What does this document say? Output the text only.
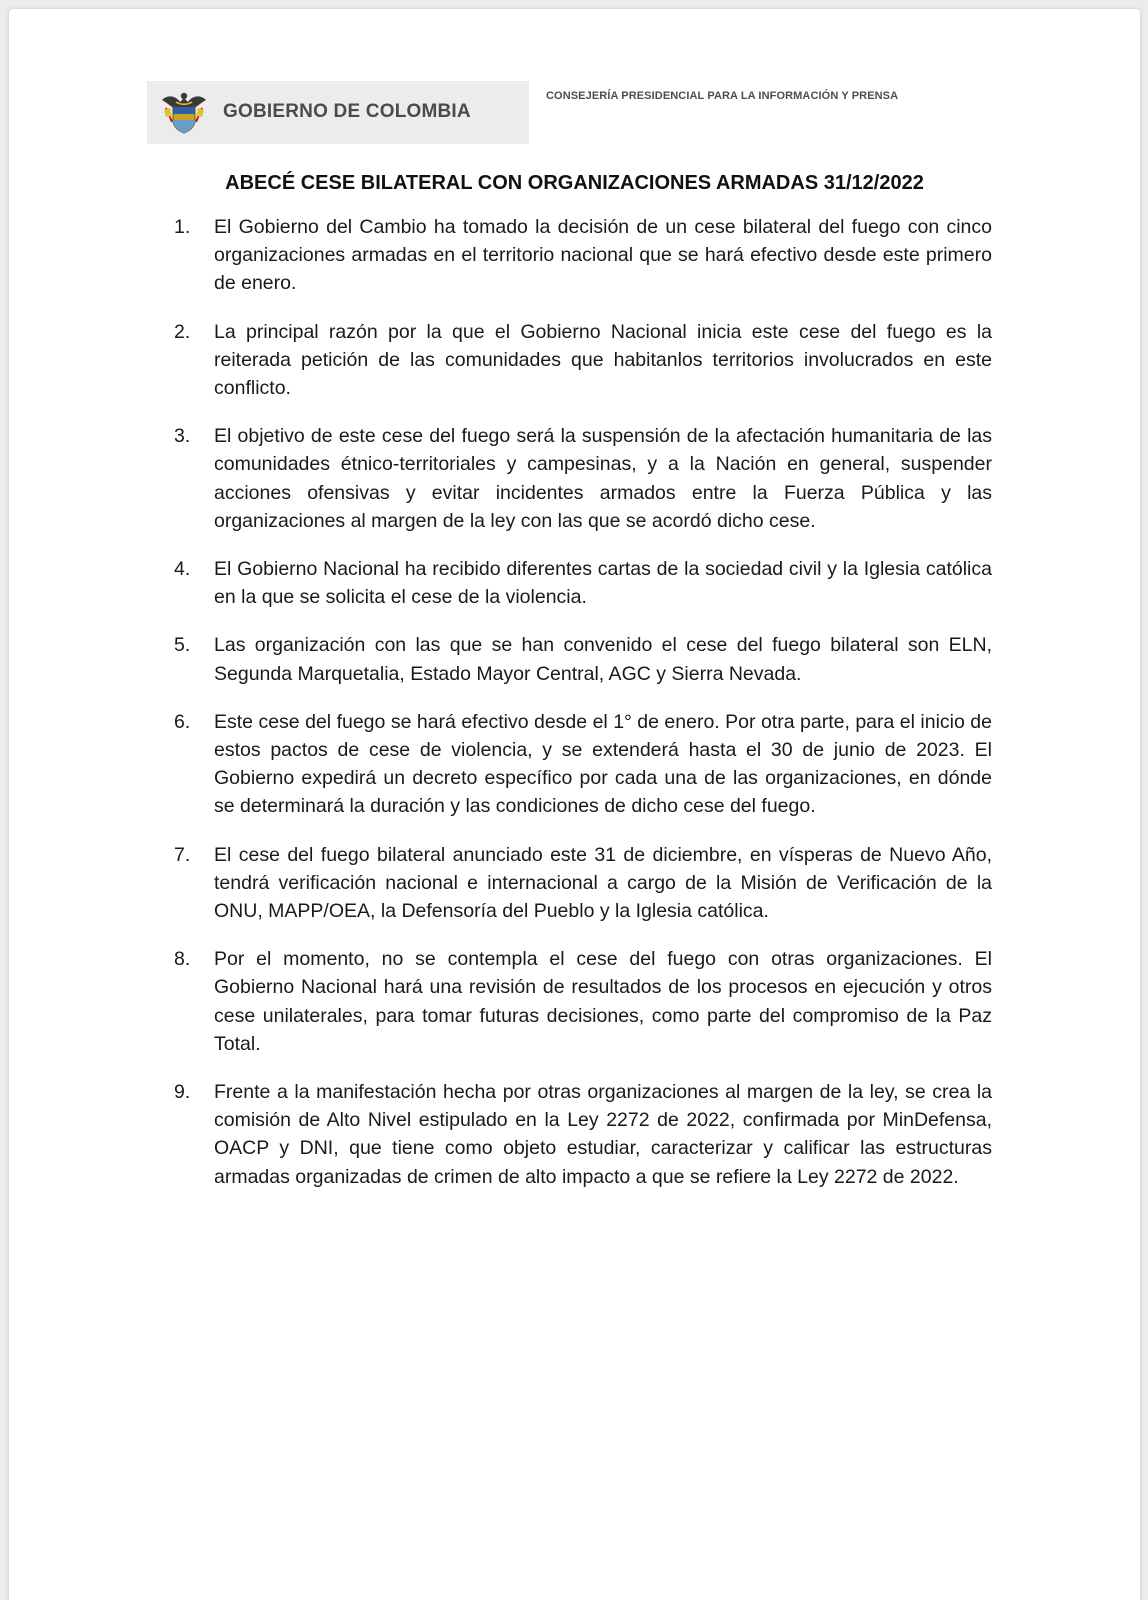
GOBIERNO DE COLOMBIA
CONSEJERÍA PRESIDENCIAL PARA LA INFORMACIÓN Y PRENSA
ABECÉ CESE BILATERAL CON ORGANIZACIONES ARMADAS 31/12/2022
1. El Gobierno del Cambio ha tomado la decisión de un cese bilateral del fuego con cinco organizaciones armadas en el territorio nacional que se hará efectivo desde este primero de enero.
2. La principal razón por la que el Gobierno Nacional inicia este cese del fuego es la reiterada petición de las comunidades que habitanlos territorios involucrados en este conflicto.
3. El objetivo de este cese del fuego será la suspensión de la afectación humanitaria de las comunidades étnico-territoriales y campesinas, y a la Nación en general, suspender acciones ofensivas y evitar incidentes armados entre la Fuerza Pública y las organizaciones al margen de la ley con las que se acordó dicho cese.
4. El Gobierno Nacional ha recibido diferentes cartas de la sociedad civil y la Iglesia católica en la que se solicita el cese de la violencia.
5. Las organización con las que se han convenido el cese del fuego bilateral son ELN, Segunda Marquetalia, Estado Mayor Central, AGC y Sierra Nevada.
6. Este cese del fuego se hará efectivo desde el 1° de enero. Por otra parte, para el inicio de estos pactos de cese de violencia, y se extenderá hasta el 30 de junio de 2023. El Gobierno expedirá un decreto específico por cada una de las organizaciones, en dónde se determinará la duración y las condiciones de dicho cese del fuego.
7. El cese del fuego bilateral anunciado este 31 de diciembre, en vísperas de Nuevo Año, tendrá verificación nacional e internacional a cargo de la Misión de Verificación de la ONU, MAPP/OEA, la Defensoría del Pueblo y la Iglesia católica.
8. Por el momento, no se contempla el cese del fuego con otras organizaciones. El Gobierno Nacional hará una revisión de resultados de los procesos en ejecución y otros cese unilaterales, para tomar futuras decisiones, como parte del compromiso de la Paz Total.
9. Frente a la manifestación hecha por otras organizaciones al margen de la ley, se crea la comisión de Alto Nivel estipulado en la Ley 2272 de 2022, confirmada por MinDefensa, OACP y DNI, que tiene como objeto estudiar, caracterizar y calificar las estructuras armadas organizadas de crimen de alto impacto a que se refiere la Ley 2272 de 2022.
